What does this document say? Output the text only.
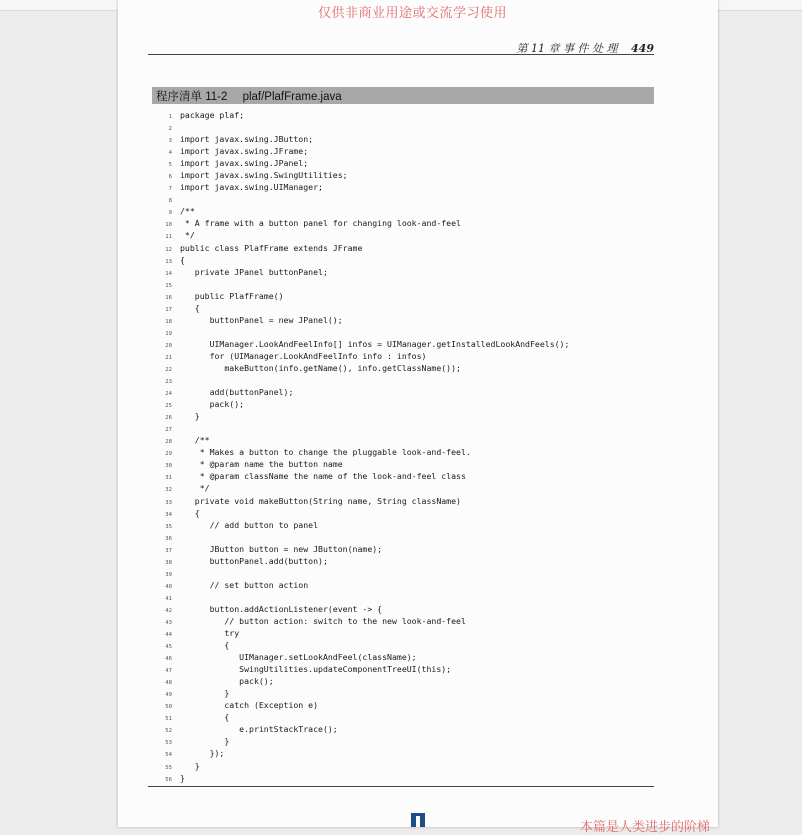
仅供非商业用途或交流学习使用
第 11 章 事 件 处 理 449
程序清单 11-2 plaf/PlafFrame.java
1 package plaf;
2
3 import javax.swing.JButton;
4 import javax.swing.JFrame;
5 import javax.swing.JPanel;
6 import javax.swing.SwingUtilities;
7 import javax.swing.UIManager;
8
9 /**
10 * A frame with a button panel for changing look-and-feel
11 */
12 public class PlafFrame extends JFrame
13 {
14   private JPanel buttonPanel;
15
16   public PlafFrame()
17   {
18      buttonPanel = new JPanel();
19
20      UIManager.LookAndFeelInfo[] infos = UIManager.getInstalledLookAndFeels();
21      for (UIManager.LookAndFeelInfo info : infos)
22         makeButton(info.getName(), info.getClassName());
23
24      add(buttonPanel);
25      pack();
26   }
27
28   /**
29    * Makes a button to change the pluggable look-and-feel.
30    * @param name the button name
31    * @param className the name of the look-and-feel class
32    */
33   private void makeButton(String name, String className)
34   {
35      // add button to panel
36
37      JButton button = new JButton(name);
38      buttonPanel.add(button);
39
40      // set button action
41
42      button.addActionListener(event -> {
43         // button action: switch to the new look-and-feel
44         try
45         {
46            UIManager.setLookAndFeel(className);
47            SwingUtilities.updateComponentTreeUI(this);
48            pack();
49         }
50         catch (Exception e)
51         {
52            e.printStackTrace();
53         }
54      });
55   }
56 }
本篇是人类进步的阶梯
